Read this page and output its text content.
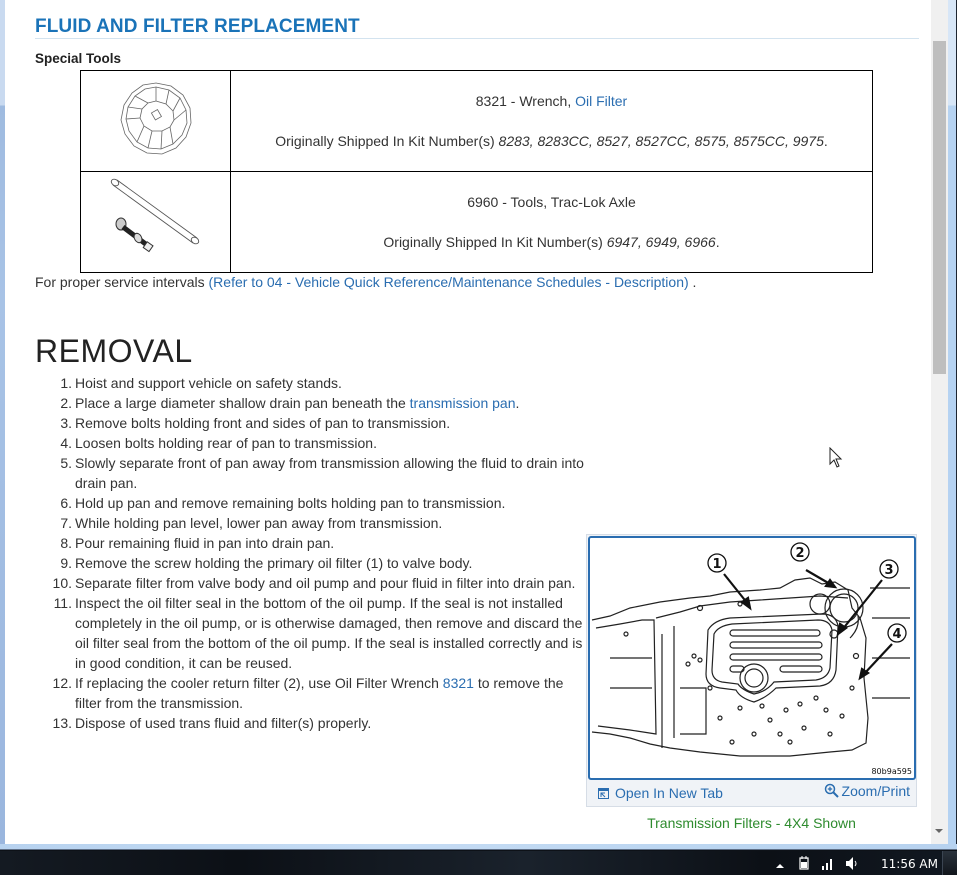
FLUID AND FILTER REPLACEMENT
Special Tools

8321 - Wrench, Oil Filter

Originally Shipped In Kit Number(s) 8283, 8283CC, 8527, 8527CC, 8575, 8575CC, 9975.

6960 - Tools, Trac-Lok Axle

Originally Shipped In Kit Number(s) 6947, 6949, 6966.

For proper service intervals (Refer to 04 - Vehicle Quick Reference/Maintenance Schedules - Description) .
REMOVAL
1. Hoist and support vehicle on safety stands.
2. Place a large diameter shallow drain pan beneath the transmission pan.
3. Remove bolts holding front and sides of pan to transmission.
4. Loosen bolts holding rear of pan to transmission.
5. Slowly separate front of pan away from transmission allowing the fluid to drain into drain pan.
6. Hold up pan and remove remaining bolts holding pan to transmission.
7. While holding pan level, lower pan away from transmission.
8. Pour remaining fluid in pan into drain pan.
9. Remove the screw holding the primary oil filter (1) to valve body.
10. Separate filter from valve body and oil pump and pour fluid in filter into drain pan.
11. Inspect the oil filter seal in the bottom of the oil pump. If the seal is not installed completely in the oil pump, or is otherwise damaged, then remove and discard the oil filter seal from the bottom of the oil pump. If the seal is installed correctly and is in good condition, it can be reused.
12. If replacing the cooler return filter (2), use Oil Filter Wrench 8321 to remove the filter from the transmission.
13. Dispose of used trans fluid and filter(s) properly.
1
2
3
4
80b9a595
Open In New Tab	Zoom/Print
Transmission Filters - 4X4 Shown
11:56 AM
